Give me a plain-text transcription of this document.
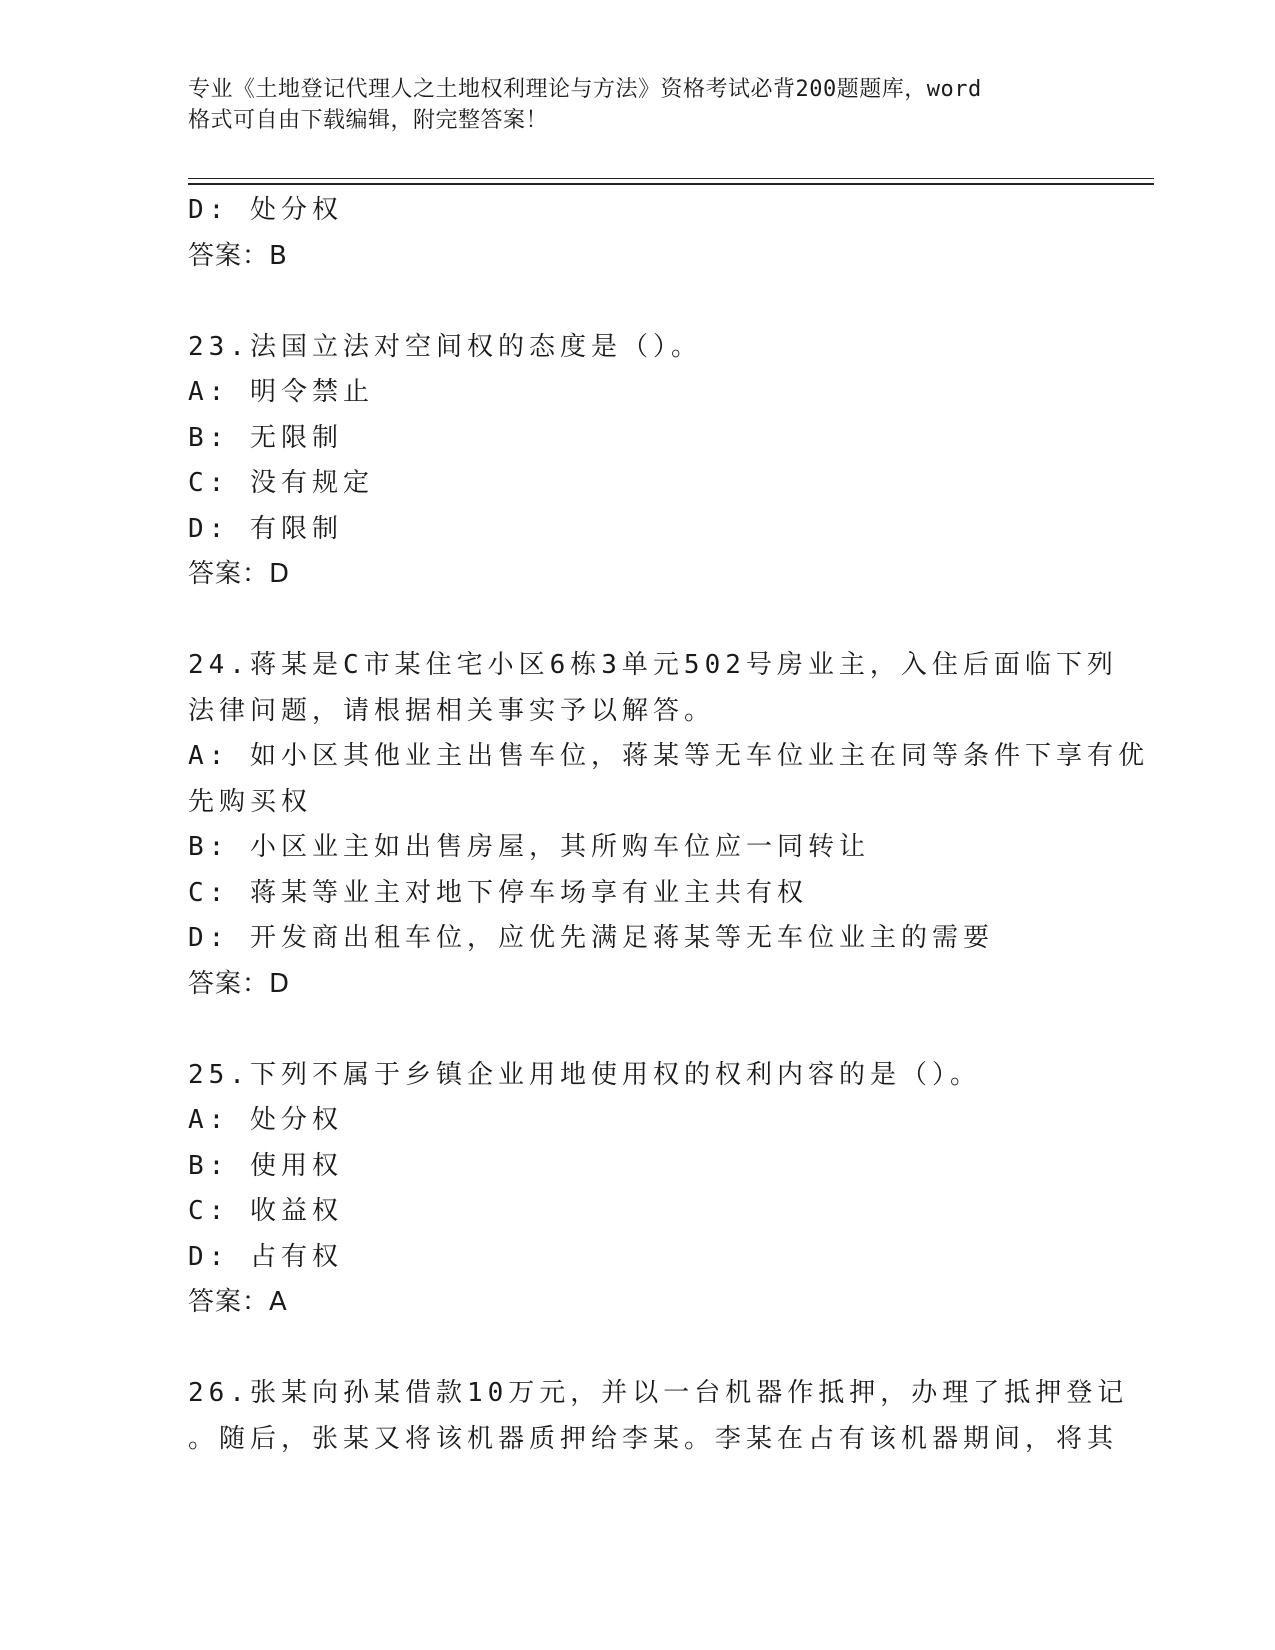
专业《土地登记代理人之土地权利理论与方法》资格考试必背200题题库，word
格式可自由下载编辑，附完整答案！
D: 处分权
答案：B
23.法国立法对空间权的态度是（）。
A: 明令禁止
B: 无限制
C: 没有规定
D: 有限制
答案：D
24.蒋某是C市某住宅小区6栋3单元502号房业主，入住后面临下列
法律问题，请根据相关事实予以解答。
A: 如小区其他业主出售车位，蒋某等无车位业主在同等条件下享有优
先购买权
B: 小区业主如出售房屋，其所购车位应一同转让
C: 蒋某等业主对地下停车场享有业主共有权
D: 开发商出租车位，应优先满足蒋某等无车位业主的需要
答案：D
25.下列不属于乡镇企业用地使用权的权利内容的是（）。
A: 处分权
B: 使用权
C: 收益权
D: 占有权
答案：A
26.张某向孙某借款10万元，并以一台机器作抵押，办理了抵押登记
。随后，张某又将该机器质押给李某。李某在占有该机器期间，将其
